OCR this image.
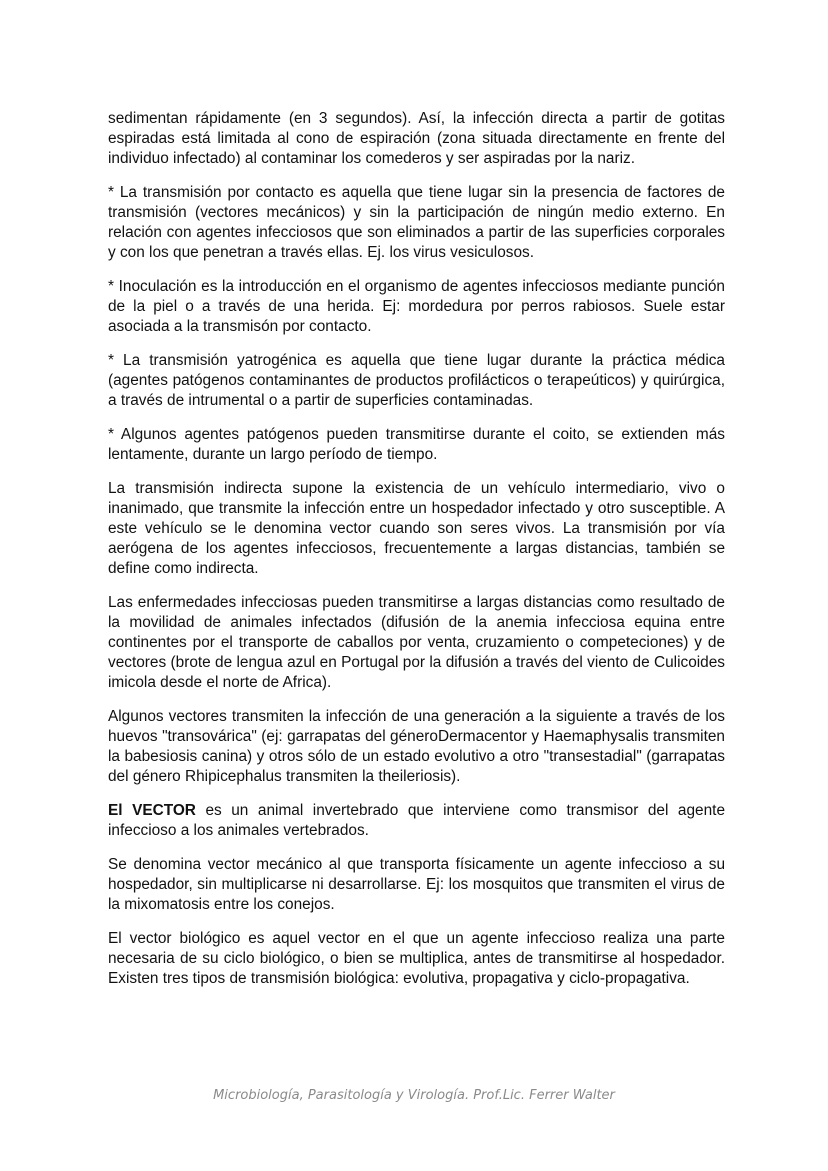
sedimentan rápidamente (en 3 segundos). Así, la infección directa a partir de gotitas espiradas está limitada al cono de espiración (zona situada directamente en frente del individuo infectado) al contaminar los comederos y ser aspiradas por la nariz.

* La transmisión por contacto es aquella que tiene lugar sin la presencia de factores de transmisión (vectores mecánicos) y sin la participación de ningún medio externo. En relación con agentes infecciosos que son eliminados a partir de las superficies corporales y con los que penetran a través ellas. Ej. los virus vesiculosos.

* Inoculación es la introducción en el organismo de agentes infecciosos mediante punción de la piel o a través de una herida. Ej: mordedura por perros rabiosos. Suele estar asociada a la transmisón por contacto.

* La transmisión yatrogénica es aquella que tiene lugar durante la práctica médica (agentes patógenos contaminantes de productos profilácticos o terapeúticos) y quirúrgica, a través de intrumental o a partir de superficies contaminadas.

* Algunos agentes patógenos pueden transmitirse durante el coito, se extienden más lentamente, durante un largo período de tiempo.

La transmisión indirecta supone la existencia de un vehículo intermediario, vivo o inanimado, que transmite la infección entre un hospedador infectado y otro susceptible. A este vehículo se le denomina vector cuando son seres vivos. La transmisión por vía aerógena de los agentes infecciosos, frecuentemente a largas distancias, también se define como indirecta.

Las enfermedades infecciosas pueden transmitirse a largas distancias como resultado de la movilidad de animales infectados (difusión de la anemia infecciosa equina entre continentes por el transporte de caballos por venta, cruzamiento o competeciones) y de vectores (brote de lengua azul en Portugal por la difusión a través del viento de Culicoides imicola desde el norte de Africa).

Algunos vectores transmiten la infección de una generación a la siguiente a través de los huevos "transovárica" (ej: garrapatas del géneroDermacentor y Haemaphysalis transmiten la babesiosis canina) y otros sólo de un estado evolutivo a otro "transestadial" (garrapatas del género Rhipicephalus transmiten la theileriosis).

El VECTOR es un animal invertebrado que interviene como transmisor del agente infeccioso a los animales vertebrados.

Se denomina vector mecánico al que transporta físicamente un agente infeccioso a su hospedador, sin multiplicarse ni desarrollarse. Ej: los mosquitos que transmiten el virus de la mixomatosis entre los conejos.

El vector biológico es aquel vector en el que un agente infeccioso realiza una parte necesaria de su ciclo biológico, o bien se multiplica, antes de transmitirse al hospedador. Existen tres tipos de transmisión biológica: evolutiva, propagativa y ciclo-propagativa.

Microbiología, Parasitología y Virología. Prof.Lic. Ferrer Walter
